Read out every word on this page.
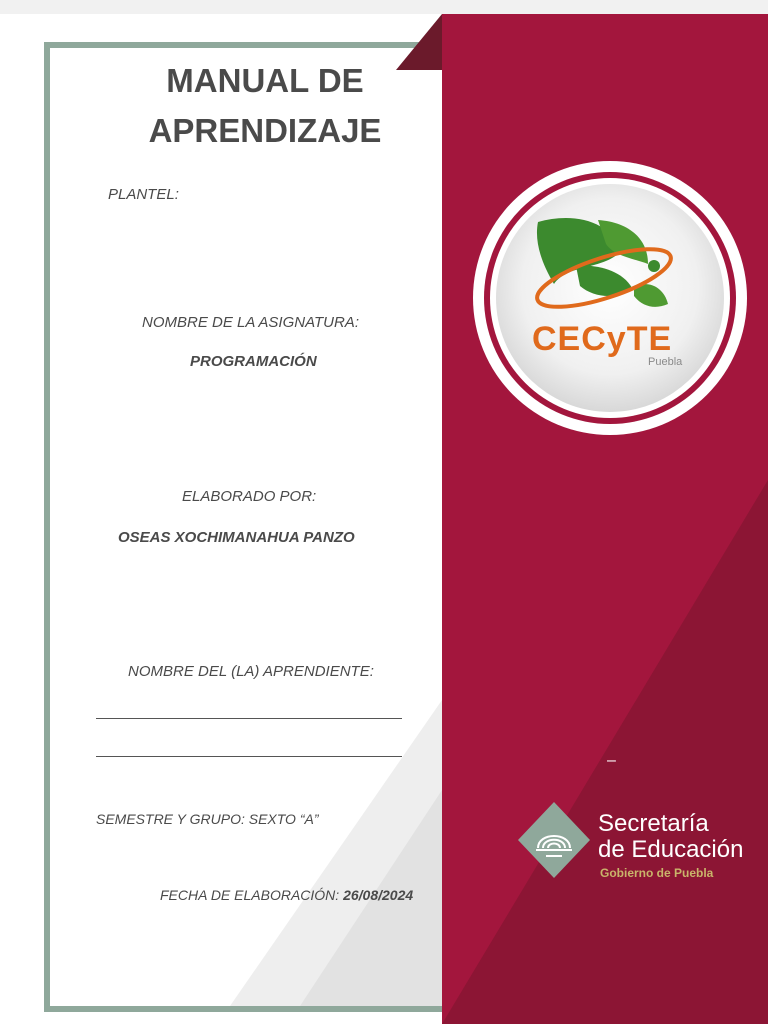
MANUAL DE
APRENDIZAJE
PLANTEL:
NOMBRE DE LA ASIGNATURA:
PROGRAMACIÓN
ELABORADO POR:
OSEAS XOCHIMANAHUA PANZO
NOMBRE DEL (LA) APRENDIENTE:
SEMESTRE Y GRUPO: SEXTO “A”
FECHA DE ELABORACIÓN: 26/08/2024
CECyTE
Puebla
–
Secretaría
de Educación
Gobierno de Puebla
